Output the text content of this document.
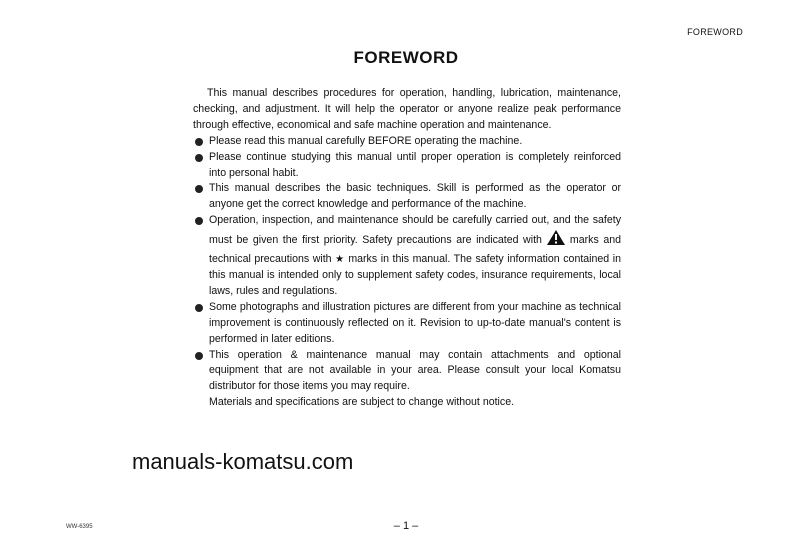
FOREWORD
FOREWORD

This manual describes procedures for operation, handling, lubrication, maintenance, checking, and adjustment. It will help the operator or anyone realize peak performance through effective, economical and safe machine operation and maintenance.

Please read this manual carefully BEFORE operating the machine.
Please continue studying this manual until proper operation is completely reinforced into personal habit.
This manual describes the basic techniques. Skill is performed as the operator or anyone get the correct knowledge and performance of the machine.
Operation, inspection, and maintenance should be carefully carried out, and the safety must be given the first priority. Safety precautions are indicated with	marks and technical precautions with ★ marks in this manual. The safety information contained in this manual is intended only to supplement safety codes, insurance requirements, local laws, rules and regulations.
Some photographs and illustration pictures are different from your machine as technical improvement is continuously reflected on it. Revision to up-to-date manual's content is performed in later editions.
This operation & maintenance manual may contain attachments and optional equipment that are not available in your area. Please consult your local Komatsu distributor for those items you may require.
Materials and specifications are subject to change without notice.
manuals-komatsu.com
WW-6395	– 1 –
